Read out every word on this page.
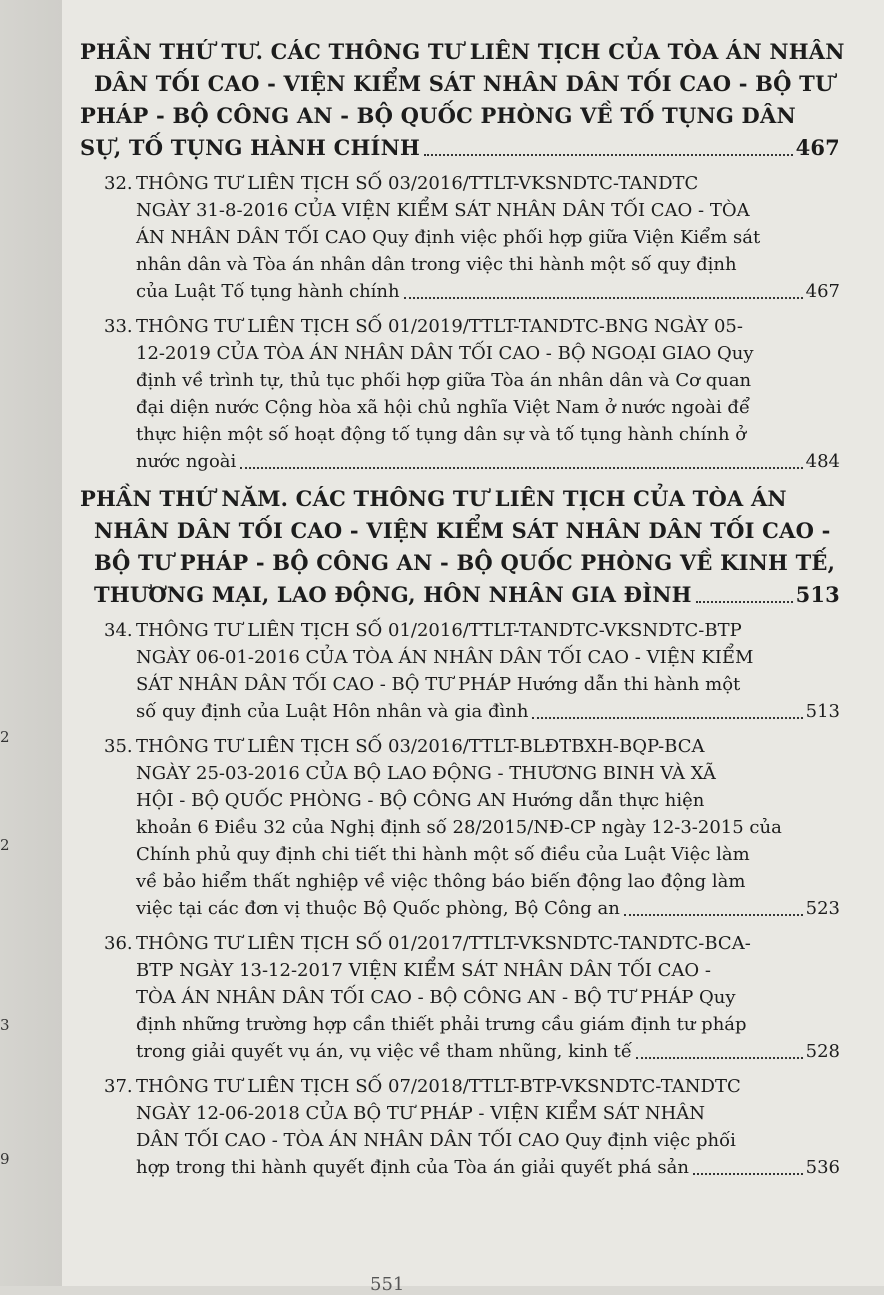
2
2
3
9
PHẦN THỨ TƯ. CÁC THÔNG TƯ LIÊN TỊCH CỦA TÒA ÁN NHÂN
DÂN TỐI CAO - VIỆN KIỂM SÁT NHÂN DÂN TỐI CAO - BỘ TƯ
PHÁP - BỘ CÔNG AN - BỘ QUỐC PHÒNG VỀ TỐ TỤNG DÂN
SỰ, TỐ TỤNG HÀNH CHÍNH	467
32. THÔNG TƯ LIÊN TỊCH SỐ 03/2016/TTLT-VKSNDTC-TANDTC
NGÀY 31-8-2016 CỦA VIỆN KIỂM SÁT NHÂN DÂN TỐI CAO - TÒA
ÁN NHÂN DÂN TỐI CAO Quy định việc phối hợp giữa Viện Kiểm sát
nhân dân và Tòa án nhân dân trong việc thi hành một số quy định
của Luật Tố tụng hành chính	467
33. THÔNG TƯ LIÊN TỊCH SỐ 01/2019/TTLT-TANDTC-BNG NGÀY 05-
12-2019 CỦA TÒA ÁN NHÂN DÂN TỐI CAO - BỘ NGOẠI GIAO Quy
định về trình tự, thủ tục phối hợp giữa Tòa án nhân dân và Cơ quan
đại diện nước Cộng hòa xã hội chủ nghĩa Việt Nam ở nước ngoài để
thực hiện một số hoạt động tố tụng dân sự và tố tụng hành chính ở
nước ngoài	484
PHẦN THỨ NĂM. CÁC THÔNG TƯ LIÊN TỊCH CỦA TÒA ÁN
NHÂN DÂN TỐI CAO - VIỆN KIỂM SÁT NHÂN DÂN TỐI CAO -
BỘ TƯ PHÁP - BỘ CÔNG AN - BỘ QUỐC PHÒNG VỀ KINH TẾ,
THƯƠNG MẠI, LAO ĐỘNG, HÔN NHÂN GIA ĐÌNH	513
34. THÔNG TƯ LIÊN TỊCH SỐ 01/2016/TTLT-TANDTC-VKSNDTC-BTP
NGÀY 06-01-2016 CỦA TÒA ÁN NHÂN DÂN TỐI CAO - VIỆN KIỂM
SÁT NHÂN DÂN TỐI CAO - BỘ TƯ PHÁP Hướng dẫn thi hành một
số quy định của Luật Hôn nhân và gia đình	513
35. THÔNG TƯ LIÊN TỊCH SỐ 03/2016/TTLT-BLĐTBXH-BQP-BCA
NGÀY 25-03-2016 CỦA BỘ LAO ĐỘNG - THƯƠNG BINH VÀ XÃ
HỘI - BỘ QUỐC PHÒNG - BỘ CÔNG AN Hướng dẫn thực hiện
khoản 6 Điều 32 của Nghị định số 28/2015/NĐ-CP ngày 12-3-2015 của
Chính phủ quy định chi tiết thi hành một số điều của Luật Việc làm
về bảo hiểm thất nghiệp về việc thông báo biến động lao động làm
việc tại các đơn vị thuộc Bộ Quốc phòng, Bộ Công an	523
36. THÔNG TƯ LIÊN TỊCH SỐ 01/2017/TTLT-VKSNDTC-TANDTC-BCA-
BTP NGÀY 13-12-2017 VIỆN KIỂM SÁT NHÂN DÂN TỐI CAO -
TÒA ÁN NHÂN DÂN TỐI CAO - BỘ CÔNG AN - BỘ TƯ PHÁP Quy
định những trường hợp cần thiết phải trưng cầu giám định tư pháp
trong giải quyết vụ án, vụ việc về tham nhũng, kinh tế	528
37. THÔNG TƯ LIÊN TỊCH SỐ 07/2018/TTLT-BTP-VKSNDTC-TANDTC
NGÀY 12-06-2018 CỦA BỘ TƯ PHÁP - VIỆN KIỂM SÁT NHÂN
DÂN TỐI CAO - TÒA ÁN NHÂN DÂN TỐI CAO Quy định việc phối
hợp trong thi hành quyết định của Tòa án giải quyết phá sản	536
551
